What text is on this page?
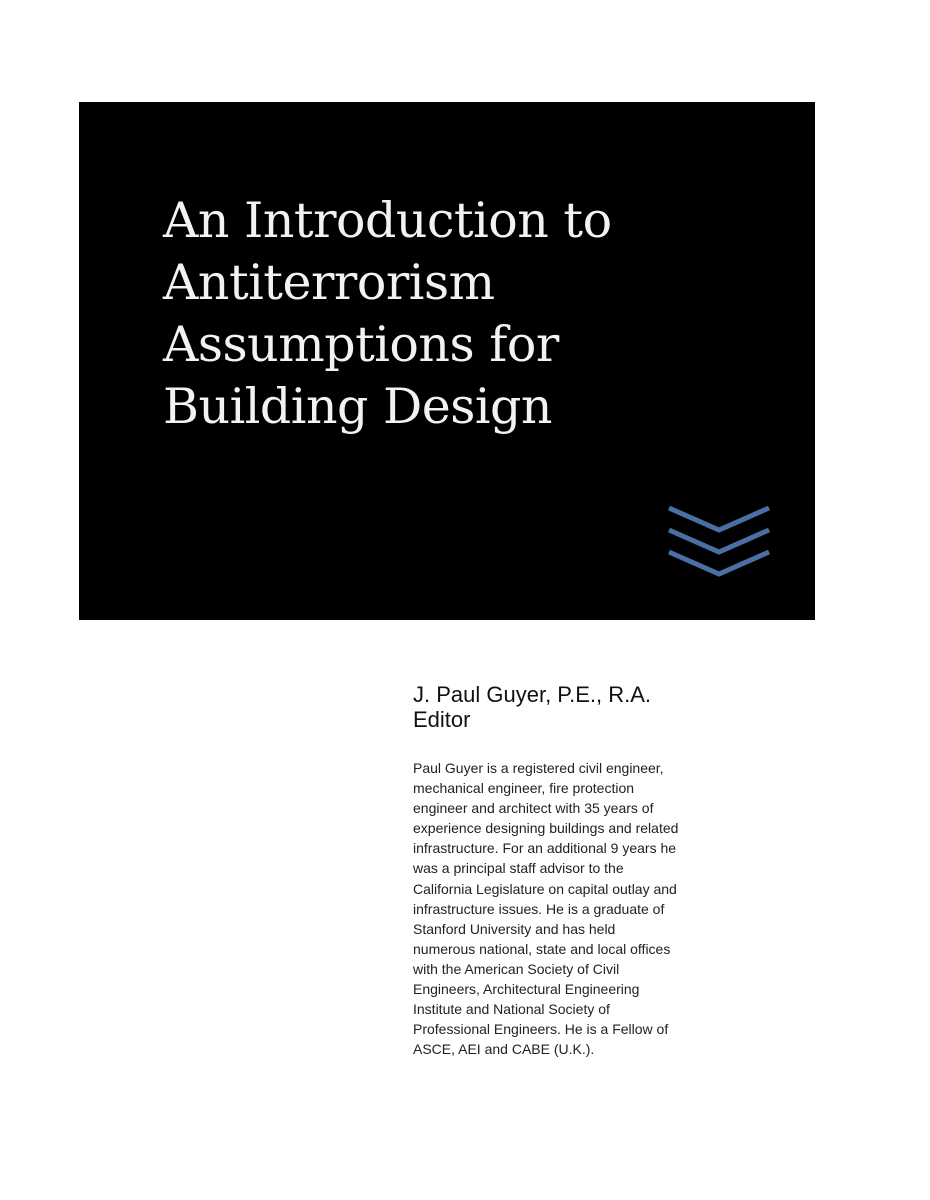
An Introduction to
Antiterrorism
Assumptions for
Building Design

J. Paul Guyer, P.E., R.A.

Editor

Paul Guyer is a registered civil engineer,
mechanical engineer, fire protection
engineer and architect with 35 years of
experience designing buildings and related
infrastructure. For an additional 9 years he
was a principal staff advisor to the
California Legislature on capital outlay and
infrastructure issues. He is a graduate of
Stanford University and has held
numerous national, state and local offices
with the American Society of Civil
Engineers, Architectural Engineering
Institute and National Society of
Professional Engineers. He is a Fellow of
ASCE, AEI and CABE (U.K.).
